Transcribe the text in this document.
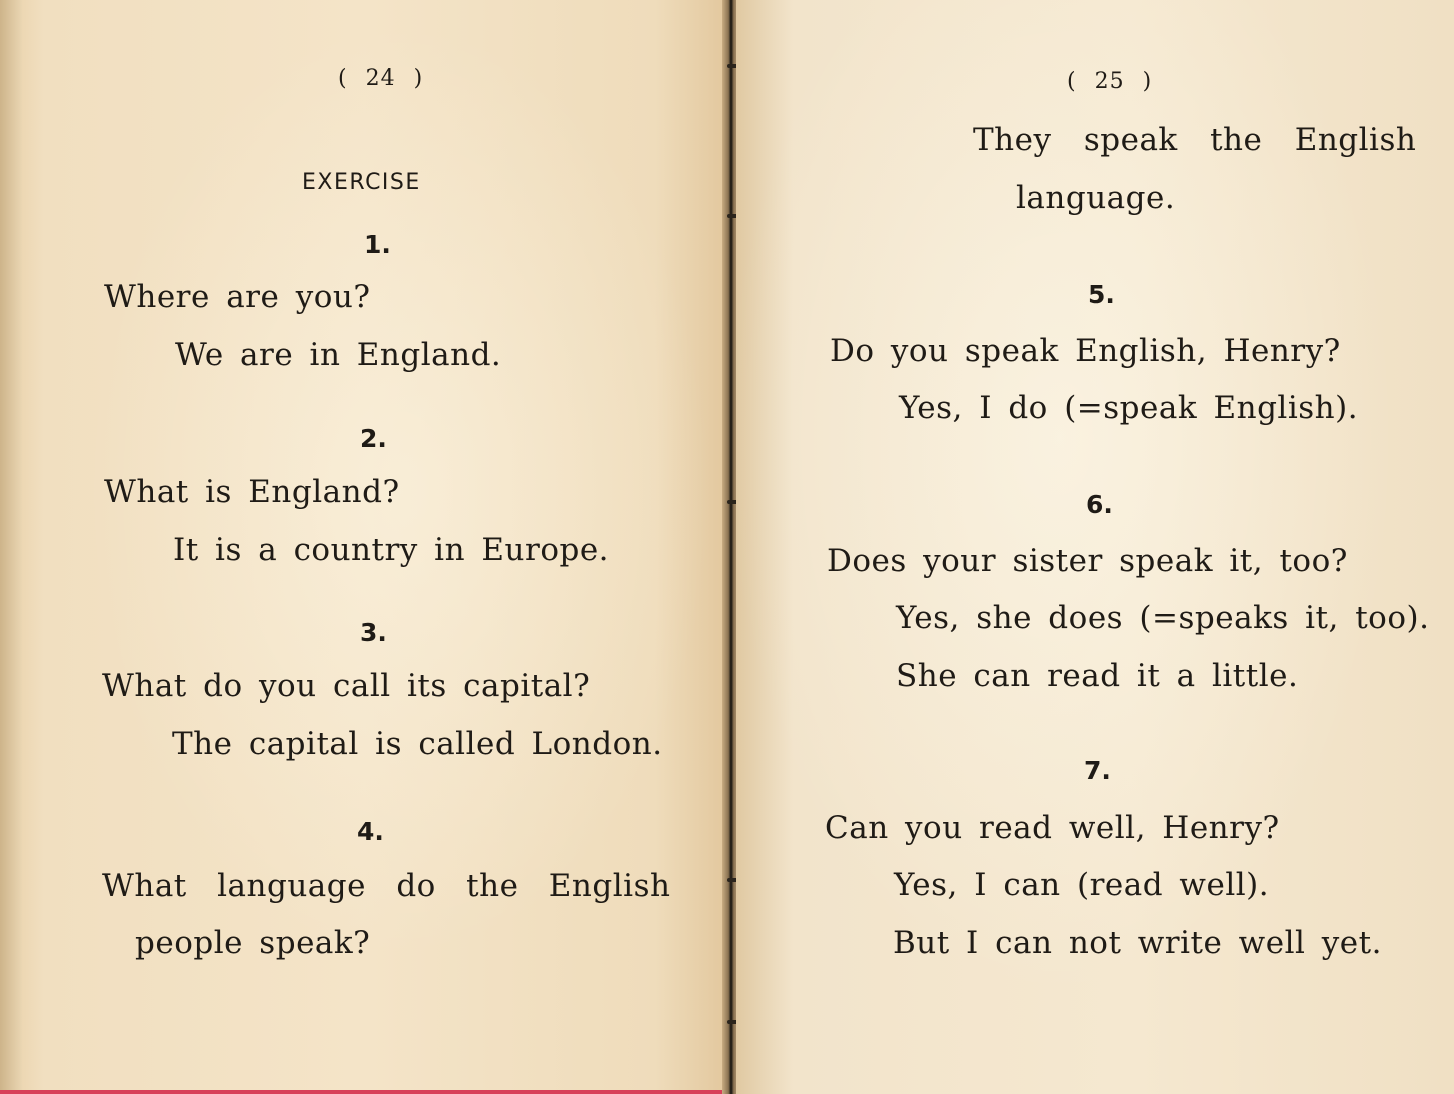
( 24 )
EXERCISE
1.
Where are you?
We are in England.
2.
What is England?
It is a country in Europe.
3.
What do you call its capital?
The capital is called London.
4.
What language do the English
people speak?
( 25 )
They speak the English
language.
5.
Do you speak English, Henry?
Yes, I do (=speak English).
6.
Does your sister speak it, too?
Yes, she does (=speaks it, too).
She can read it a little.
7.
Can you read well, Henry?
Yes, I can (read well).
But I can not write well yet.
